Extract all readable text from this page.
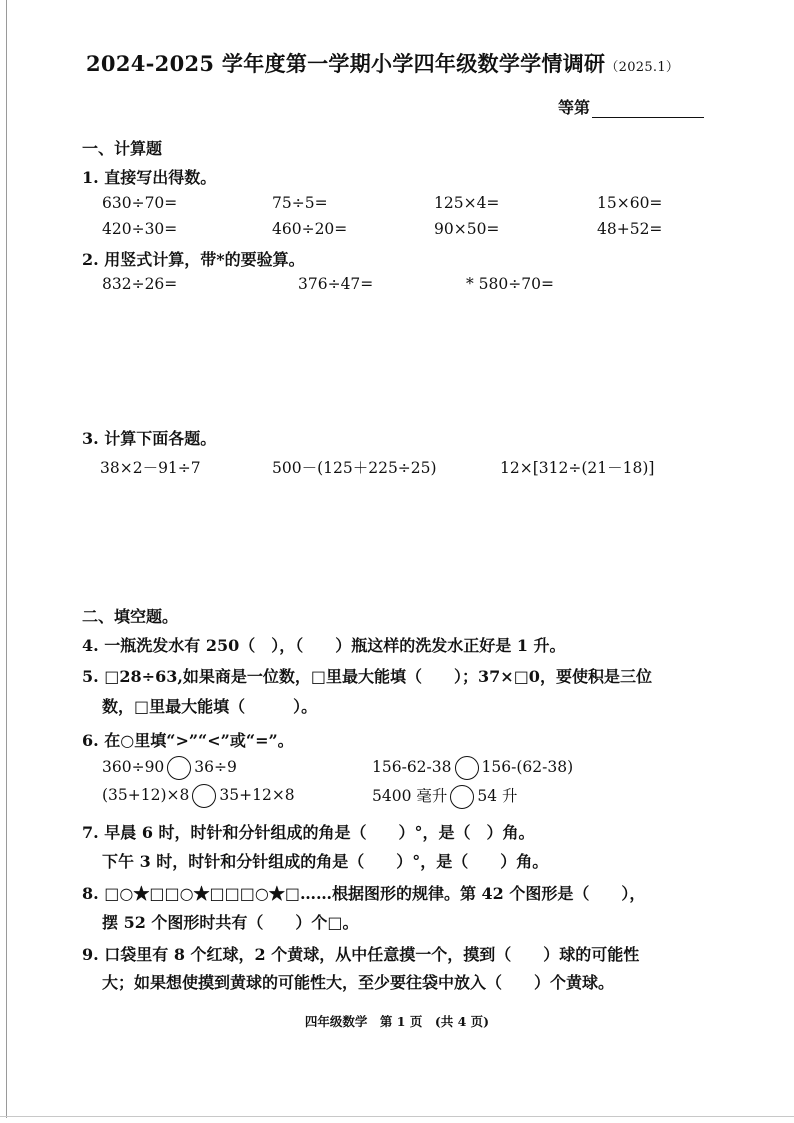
2024-2025 学年度第一学期小学四年级数学学情调研（2025.1）
等第
一、计算题
1. 直接写出得数。
630÷70=	75÷5=	125×4=	15×60=
420÷30=	460÷20=	90×50=	48+52=
2. 用竖式计算，带*的要验算。
832÷26=	376÷47=	* 580÷70=
3. 计算下面各题。
38×2－91÷7	500－(125＋225÷25)	12×[312÷(21－18)]
二、填空题。
4. 一瓶洗发水有 250（　），（　　）瓶这样的洗发水正好是 1 升。
5. □28÷63,如果商是一位数，□里最大能填（　　）；37×□0，要使积是三位
数，□里最大能填（　　　）。
6. 在○里填“>”“<”或“=”。
360÷90 36÷9	156-62-38 156-(62-38)
(35+12)×8 35+12×8	5400 毫升 54 升
7. 早晨 6 时，时针和分针组成的角是（　　）°，是（　）角。
下午 3 时，时针和分针组成的角是（　　）°，是（　　）角。
8. □○★□□○★□□□○★□……根据图形的规律。第 42 个图形是（　　），
摆 52 个图形时共有（　　）个□。
9. 口袋里有 8 个红球，2 个黄球，从中任意摸一个，摸到（　　）球的可能性
大；如果想使摸到黄球的可能性大，至少要往袋中放入（　　）个黄球。
四年级数学　第 1 页　(共 4 页)
